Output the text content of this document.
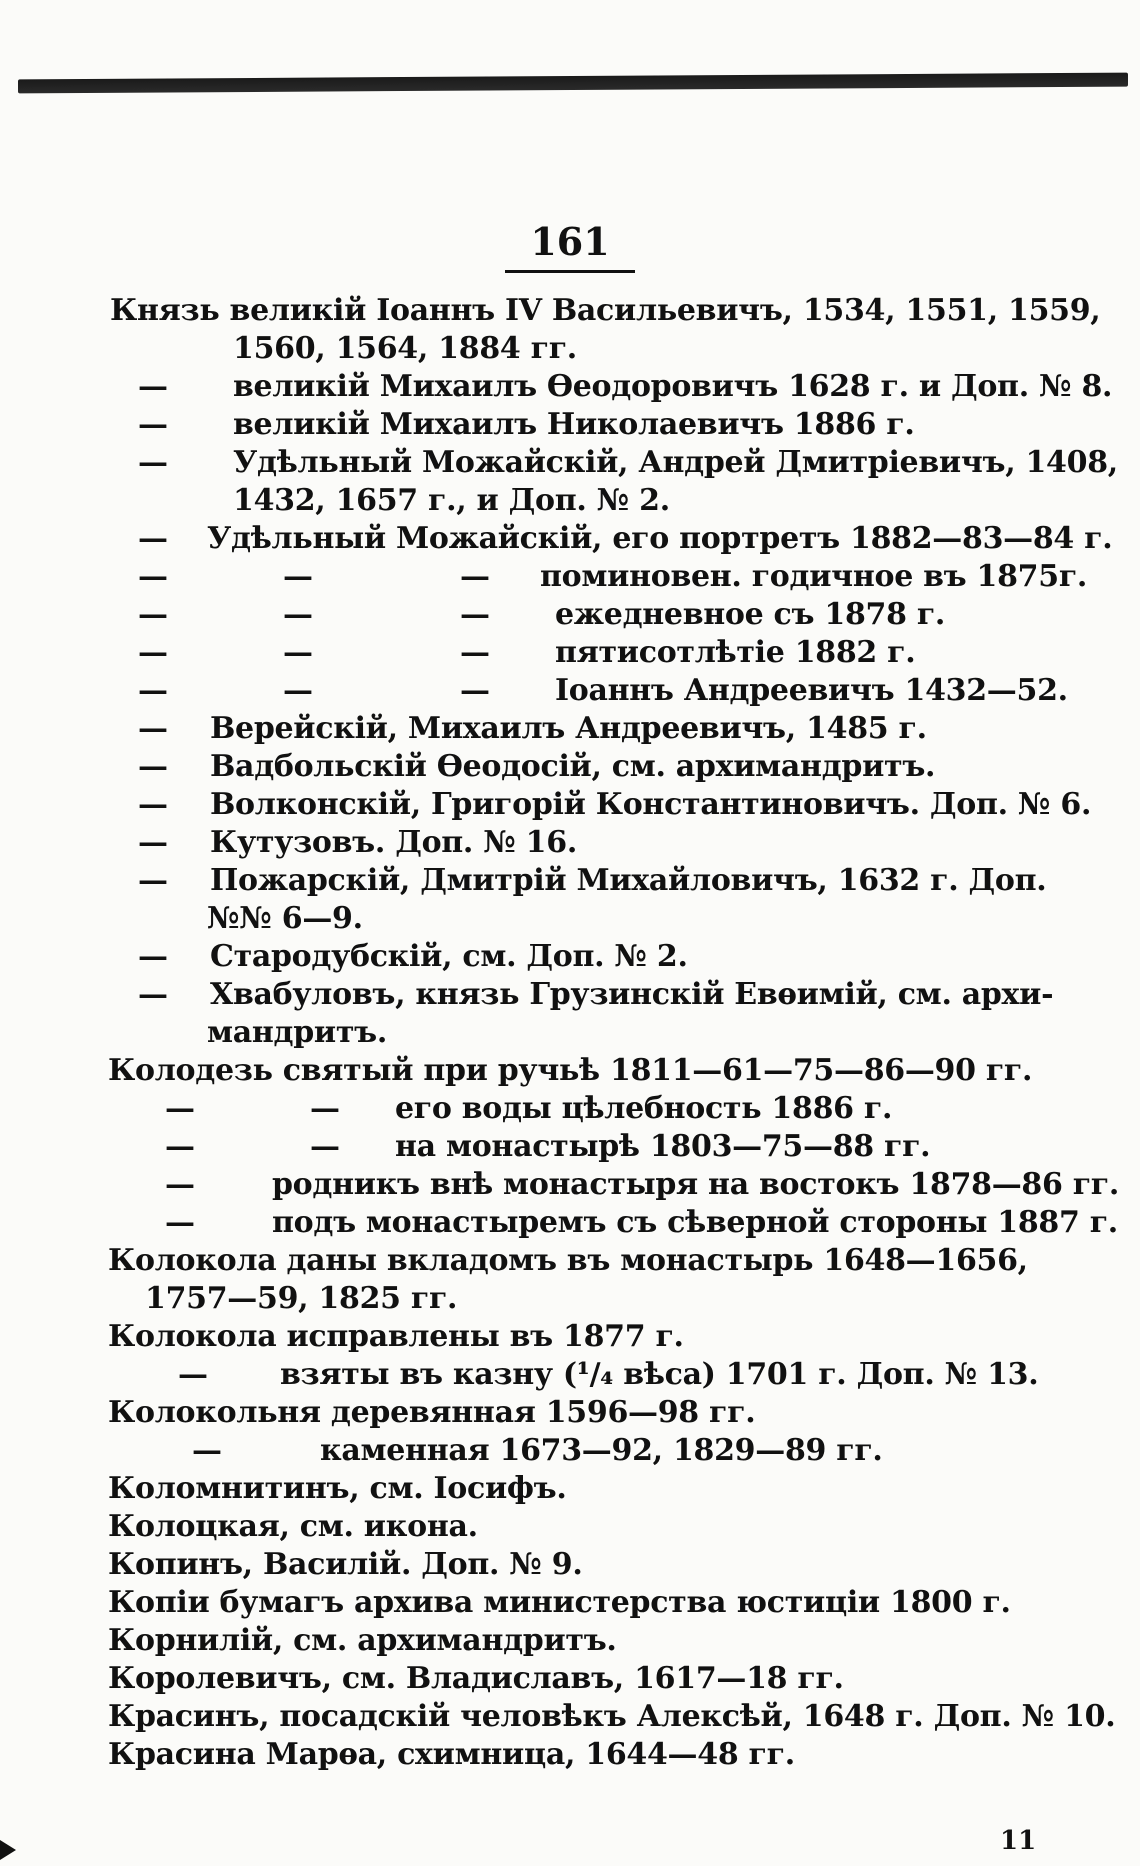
161
Князь великій Іоаннъ IV Васильевичъ, 1534, 1551, 1559,
1560, 1564, 1884 гг.
— великій Михаилъ Ѳеодоровичъ 1628 г. и Доп. № 8.
— великій Михаилъ Николаевичъ 1886 г.
— Удѣльный Можайскій, Андрей Дмитріевичъ, 1408,
1432, 1657 г., и Доп. № 2.
— Удѣльный Можайскій, его портретъ 1882—83—84 г.
—	—	— поминовен. годичное въ 1875г.
—	—	— ежедневное съ 1878 г.
—	—	— пятисотлѣтіе 1882 г.
—	—	— Іоаннъ Андреевичъ 1432—52.
— Верейскій, Михаилъ Андреевичъ, 1485 г.
— Вадбольскій Ѳеодосій, см. архимандритъ.
— Волконскій, Григорій Константиновичъ. Доп. № 6.
— Кутузовъ. Доп. № 16.
— Пожарскій, Дмитрій Михайловичъ, 1632 г. Доп.
№№ 6—9.
— Стародубскій, см. Доп. № 2.
— Хвабуловъ, князь Грузинскій Евѳимій, см. архи-
мандритъ.
Колодезь святый при ручьѣ 1811—61—75—86—90 гг.
—	— его воды цѣлебность 1886 г.
—	— на монастырѣ 1803—75—88 гг.
—	родникъ внѣ монастыря на востокъ 1878—86 гг.
—	подъ монастыремъ съ сѣверной стороны 1887 г.
Колокола даны вкладомъ въ монастырь 1648—1656,
1757—59, 1825 гг.
Колокола исправлены въ 1877 г.
— взяты въ казну (¹/₄ вѣса) 1701 г. Доп. № 13.
Колокольня деревянная 1596—98 гг.
—	каменная 1673—92, 1829—89 гг.
Коломнитинъ, см. Іосифъ.
Колоцкая, см. икона.
Копинъ, Василій. Доп. № 9.
Копіи бумагъ архива министерства юстиціи 1800 г.
Корнилій, см. архимандритъ.
Королевичъ, см. Владиславъ, 1617—18 гг.
Красинъ, посадскій человѣкъ Алексѣй, 1648 г. Доп. № 10.
Красина Марѳа, схимница, 1644—48 гг.
11
